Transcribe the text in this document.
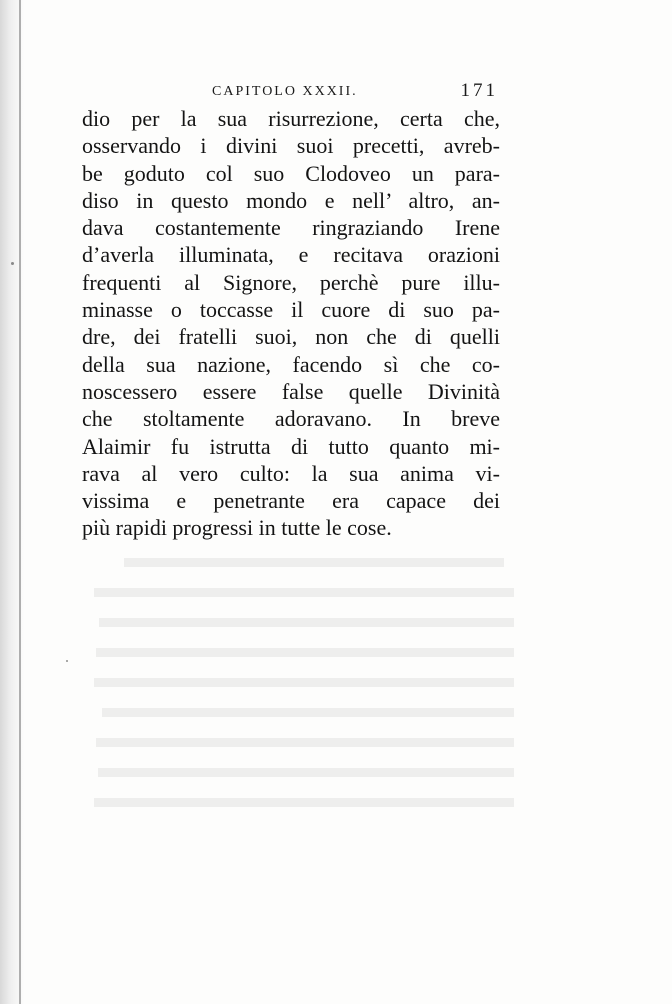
CAPITOLO XXXII.	171
dio per la sua risurrezione, certa che,
osservando i divini suoi precetti, avreb-
be goduto col suo Clodoveo un para-
diso in questo mondo e nell’ altro, an-
dava costantemente ringraziando Irene
d’averla illuminata, e recitava orazioni
frequenti al Signore, perchè pure illu-
minasse o toccasse il cuore di suo pa-
dre, dei fratelli suoi, non che di quelli
della sua nazione, facendo sì che co-
noscessero essere false quelle Divinità
che stoltamente adoravano. In breve
Alaimir fu istrutta di tutto quanto mi-
rava al vero culto: la sua anima vi-
vissima e penetrante era capace dei
più rapidi progressi in tutte le cose.
